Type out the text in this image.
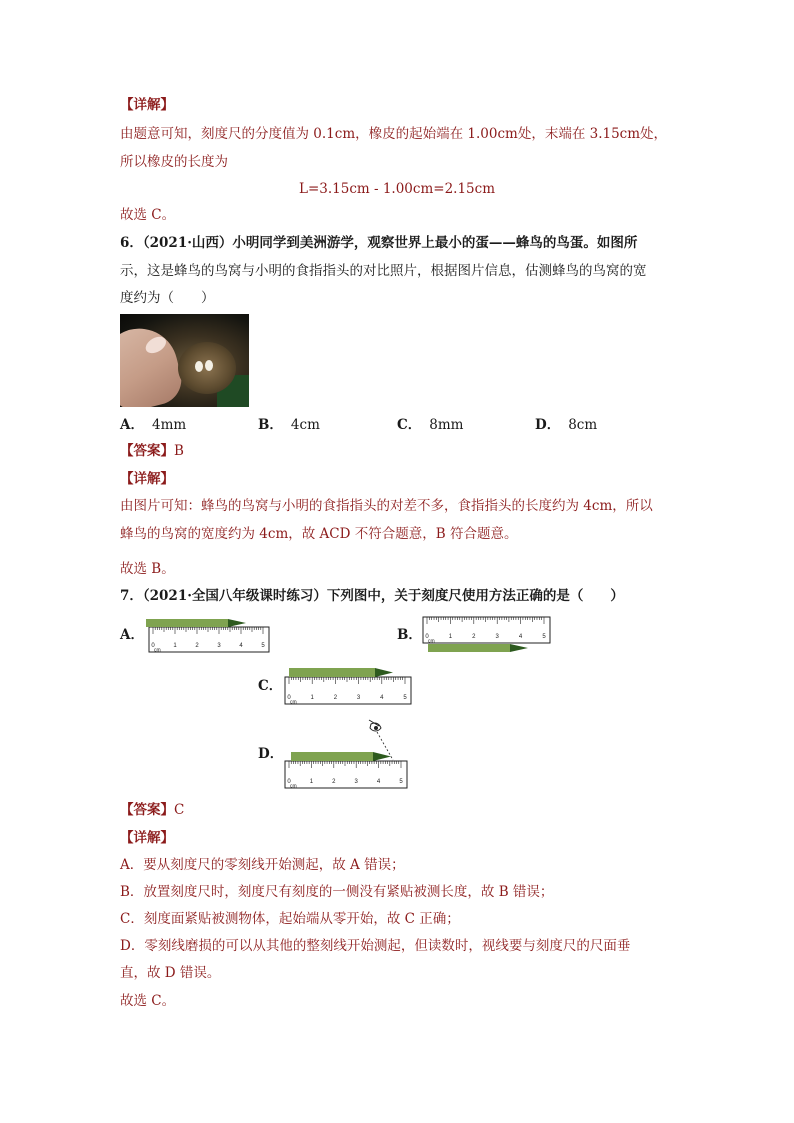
【详解】
由题意可知，刻度尺的分度值为 0.1cm，橡皮的起始端在 1.00cm处，末端在 3.15cm处，
所以橡皮的长度为
L=3.15cm - 1.00cm=2.15cm
故选 C。
6．（2021·山西）小明同学到美洲游学，观察世界上最小的蛋——蜂鸟的鸟蛋。如图所
示，这是蜂鸟的鸟窝与小明的食指指头的对比照片，根据图片信息，估测蜂鸟的鸟窝的宽
度约为（　　）
A． 4mm	B． 4cm	C． 8mm	D． 8cm
【答案】B
【详解】
由图片可知：蜂鸟的鸟窝与小明的食指指头的对差不多，食指指头的长度约为 4cm，所以
蜂鸟的鸟窝的宽度约为 4cm，故 ACD 不符合题意，B 符合题意。
故选 B。
7．（2021·全国八年级课时练习）下列图中，关于刻度尺使用方法正确的是（　　）
A．	B．
C．
D．
0	1	2	3	4	5
cm
0	1	2	3	4	5
cm
0	1	2	3	4	5
cm
0	1	2	3	4	5
cm
【答案】C
【详解】
A．要从刻度尺的零刻线开始测起，故 A 错误；
B．放置刻度尺时，刻度尺有刻度的一侧没有紧贴被测长度，故 B 错误；
C．刻度面紧贴被测物体，起始端从零开始，故 C 正确；
D．零刻线磨损的可以从其他的整刻线开始测起，但读数时，视线要与刻度尺的尺面垂
直，故 D 错误。
故选 C。
